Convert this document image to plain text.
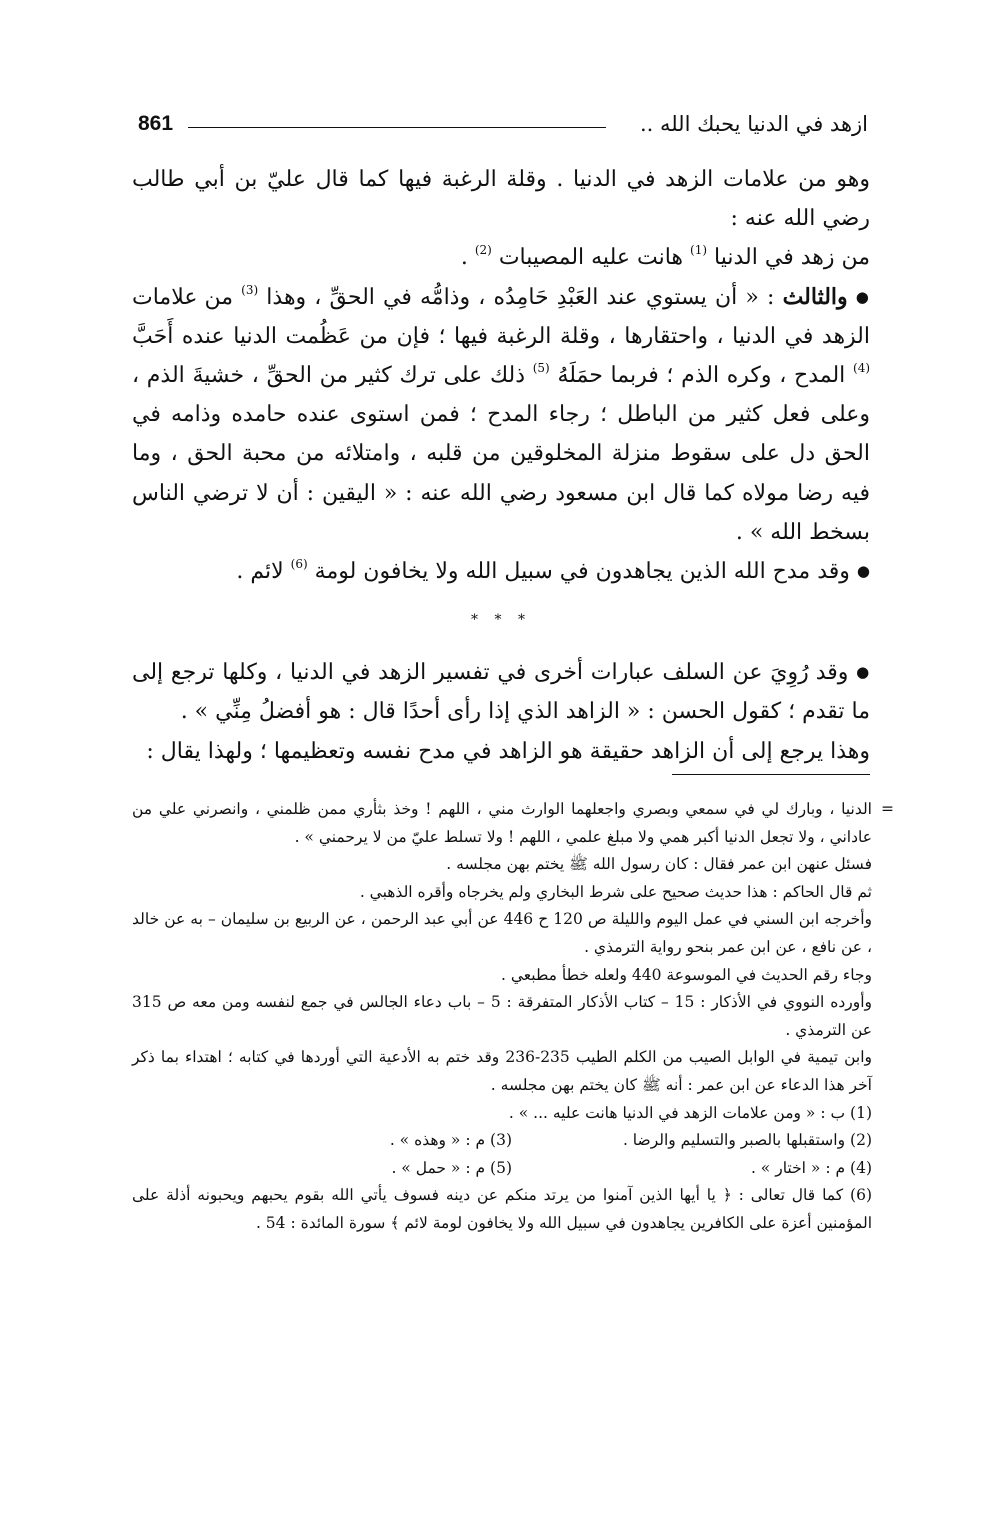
861	ازهد في الدنيا يحبك الله ..

وهو من علامات الزهد في الدنيا . وقلة الرغبة فيها كما قال عليّ بن أبي طالب رضي الله عنه :

من زهد في الدنيا $^{(1)}$ هانت عليه المصيبات $^{(2)}$ .

● والثالث : « أن يستوي عند العَبْدِ حَامِدُه ، وذامُّه في الحقِّ ، وهذا $^{(3)}$ من علامات الزهد في الدنيا ، واحتقارها ، وقلة الرغبة فيها ؛ فإن من عَظُمت الدنيا عنده أَحَبَّ $^{(4)}$ المدح ، وكره الذم ؛ فربما حمَلَهُ $^{(5)}$ ذلك على ترك كثير من الحقِّ ، خشيةَ الذم ، وعلى فعل كثير من الباطل ؛ رجاء المدح ؛ فمن استوى عنده حامده وذامه في الحق دل على سقوط منزلة المخلوقين من قلبه ، وامتلائه من محبة الحق ، وما فيه رضا مولاه كما قال ابن مسعود رضي الله عنه : « اليقين : أن لا ترضي الناس بسخط الله » .

● وقد مدح الله الذين يجاهدون في سبيل الله ولا يخافون لومة $^{(6)}$ لائم .

* * *

● وقد رُوِيَ عن السلف عبارات أخرى في تفسير الزهد في الدنيا ، وكلها ترجع إلى ما تقدم ؛ كقول الحسن : « الزاهد الذي إذا رأى أحدًا قال : هو أفضلُ مِنِّي » .

وهذا يرجع إلى أن الزاهد حقيقة هو الزاهد في مدح نفسه وتعظيمها ؛ ولهذا يقال :

=
الدنيا ، وبارك لي في سمعي وبصري واجعلهما الوارث مني ، اللهم ! وخذ بثأري ممن ظلمني ، وانصرني علي من عاداني ، ولا تجعل الدنيا أكبر همي ولا مبلغ علمي ، اللهم ! ولا تسلط عليّ من لا يرحمني » .

فسئل عنهن ابن عمر فقال : كان رسول الله ﷺ يختم بهن مجلسه .

ثم قال الحاكم : هذا حديث صحيح على شرط البخاري ولم يخرجاه وأقره الذهبي .

وأخرجه ابن السني في عمل اليوم والليلة ص 120 ح 446 عن أبي عبد الرحمن ، عن الربيع بن سليمان – به عن خالد ، عن نافع ، عن ابن عمر بنحو رواية الترمذي .

وجاء رقم الحديث في الموسوعة 440 ولعله خطأ مطبعي .

وأورده النووي في الأذكار : 15 – كتاب الأذكار المتفرقة : 5 – باب دعاء الجالس في جمع لنفسه ومن معه ص 315 عن الترمذي .

وابن تيمية في الوابل الصيب من الكلم الطيب 235-236 وقد ختم به الأدعية التي أوردها في كتابه ؛ اهتداء بما ذكر آخر هذا الدعاء عن ابن عمر : أنه ﷺ كان يختم بهن مجلسه .

(1) ب : « ومن علامات الزهد في الدنيا هانت عليه ... » .

(2) واستقبلها بالصبر والتسليم والرضا .
(3) م : « وهذه » .
(4) م : « اختار » .
(5) م : « حمل » .

(6) كما قال تعالى : ﴿ يا أيها الذين آمنوا من يرتد منكم عن دينه فسوف يأتي الله بقوم يحبهم ويحبونه أذلة على المؤمنين أعزة على الكافرين يجاهدون في سبيل الله ولا يخافون لومة لائم ﴾ سورة المائدة : 54 .
